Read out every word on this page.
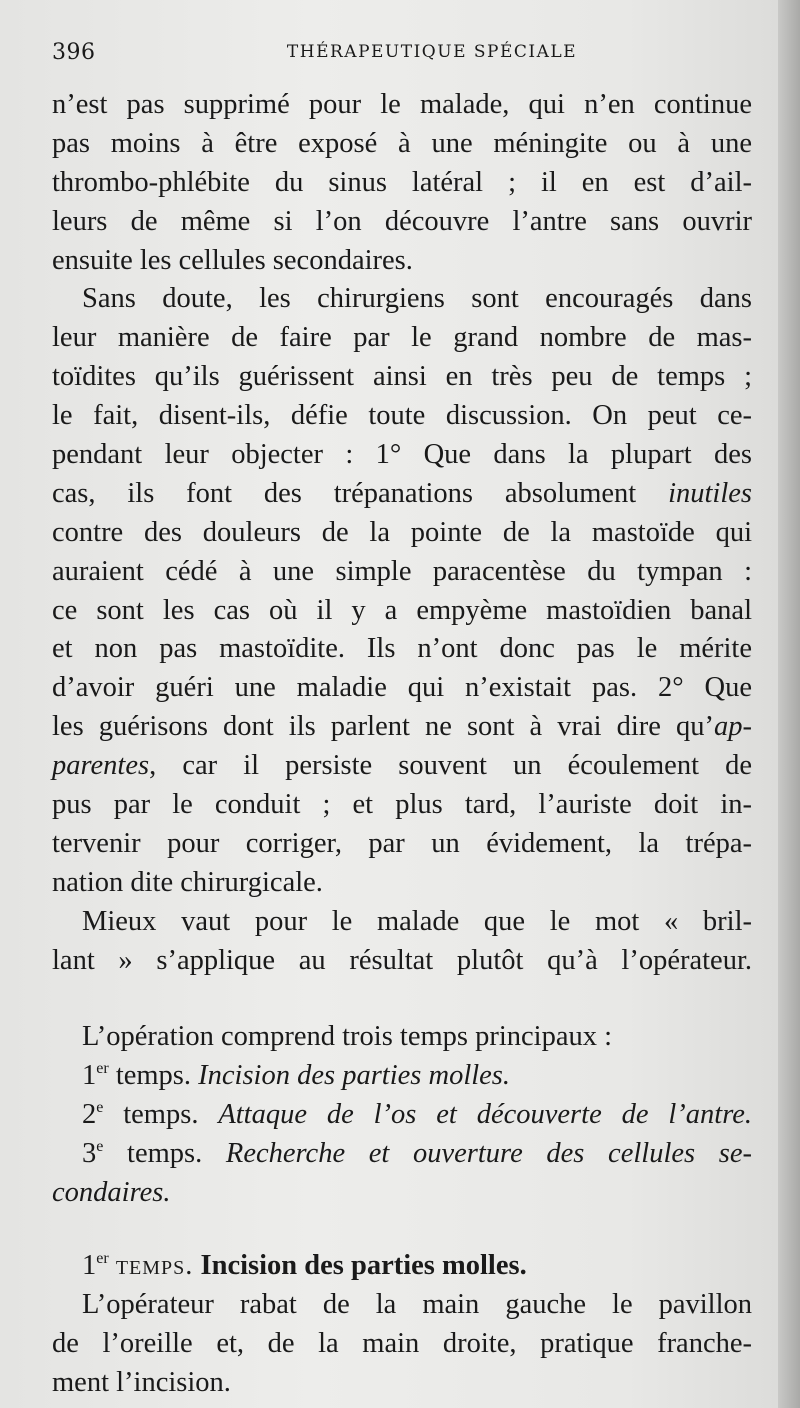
396	THÉRAPEUTIQUE SPÉCIALE
n’est pas supprimé pour le malade, qui n’en continue
pas moins à être exposé à une méningite ou à une
thrombo-phlébite du sinus latéral ; il en est d’ail-
leurs de même si l’on découvre l’antre sans ouvrir
ensuite les cellules secondaires.
Sans doute, les chirurgiens sont encouragés dans
leur manière de faire par le grand nombre de mas-
toïdites qu’ils guérissent ainsi en très peu de temps ;
le fait, disent-ils, défie toute discussion. On peut ce-
pendant leur objecter : 1° Que dans la plupart des
cas, ils font des trépanations absolument inutiles
contre des douleurs de la pointe de la mastoïde qui
auraient cédé à une simple paracentèse du tympan :
ce sont les cas où il y a empyème mastoïdien banal
et non pas mastoïdite. Ils n’ont donc pas le mérite
d’avoir guéri une maladie qui n’existait pas. 2° Que
les guérisons dont ils parlent ne sont à vrai dire qu’ap-
parentes, car il persiste souvent un écoulement de
pus par le conduit ; et plus tard, l’auriste doit in-
tervenir pour corriger, par un évidement, la trépa-
nation dite chirurgicale.
Mieux vaut pour le malade que le mot « bril-
lant » s’applique au résultat plutôt qu’à l’opérateur.
L’opération comprend trois temps principaux :
1er temps. Incision des parties molles.
2e temps. Attaque de l’os et découverte de l’antre.
3e temps. Recherche et ouverture des cellules se-
condaires.
1er temps. Incision des parties molles.
L’opérateur rabat de la main gauche le pavillon
de l’oreille et, de la main droite, pratique franche-
ment l’incision.
